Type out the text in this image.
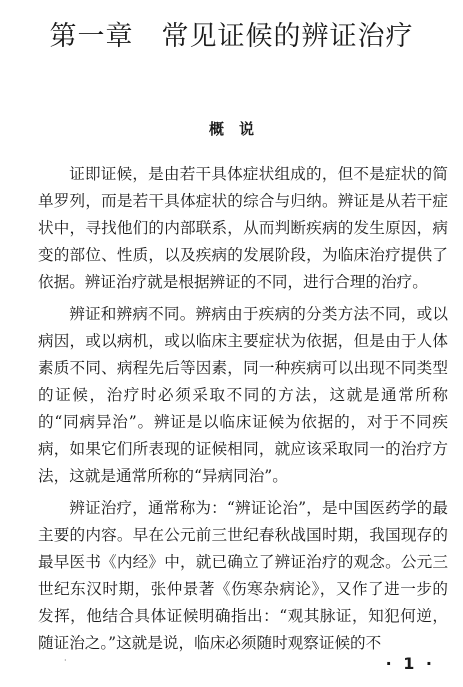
第一章　常见证候的辨证治疗
概　说

证即证候，是由若干具体症状组成的，但不是症状的简单罗列，而是若干具体症状的综合与归纳。辨证是从若干症状中，寻找他们的内部联系，从而判断疾病的发生原因，病变的部位、性质，以及疾病的发展阶段，为临床治疗提供了依据。辨证治疗就是根据辨证的不同，进行合理的治疗。

辨证和辨病不同。辨病由于疾病的分类方法不同，或以病因，或以病机，或以临床主要症状为依据，但是由于人体素质不同、病程先后等因素，同一种疾病可以出现不同类型的证候，治疗时必须采取不同的方法，这就是通常所称的“同病异治”。辨证是以临床证候为依据的，对于不同疾病，如果它们所表现的证候相同，就应该采取同一的治疗方法，这就是通常所称的“异病同治”。

辨证治疗，通常称为：“辨证论治”，是中国医药学的最主要的内容。早在公元前三世纪春秋战国时期，我国现存的最早医书《内经》中，就已确立了辨证治疗的观念。公元三世纪东汉时期，张仲景著《伤寒杂病论》，又作了进一步的发挥，他结合具体证候明确指出：“观其脉证，知犯何逆，随证治之。”这就是说，临床必须随时观察证候的不

·	· 1 ·
